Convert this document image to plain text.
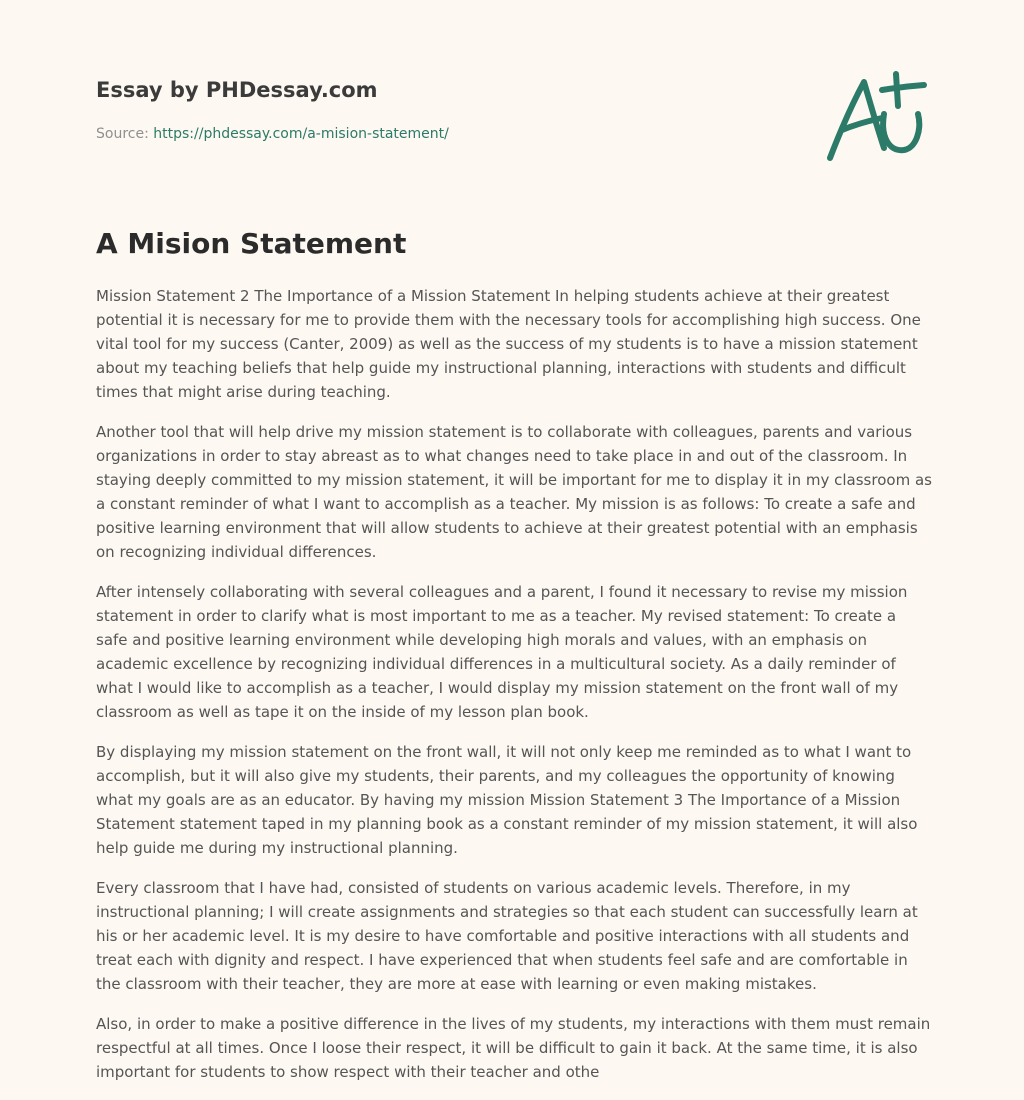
Essay by PHDessay.com
Source: https://phdessay.com/a-mision-statement/
A Mision Statement

Mission Statement 2 The Importance of a Mission Statement In helping students achieve at their greatest potential it is necessary for me to provide them with the necessary tools for accomplishing high success. One vital tool for my success (Canter, 2009) as well as the success of my students is to have a mission statement about my teaching beliefs that help guide my instructional planning, interactions with students and difficult times that might arise during teaching.

Another tool that will help drive my mission statement is to collaborate with colleagues, parents and various organizations in order to stay abreast as to what changes need to take place in and out of the classroom. In staying deeply committed to my mission statement, it will be important for me to display it in my classroom as a constant reminder of what I want to accomplish as a teacher. My mission is as follows: To create a safe and positive learning environment that will allow students to achieve at their greatest potential with an emphasis on recognizing individual differences.

After intensely collaborating with several colleagues and a parent, I found it necessary to revise my mission statement in order to clarify what is most important to me as a teacher. My revised statement: To create a safe and positive learning environment while developing high morals and values, with an emphasis on academic excellence by recognizing individual differences in a multicultural society. As a daily reminder of what I would like to accomplish as a teacher, I would display my mission statement on the front wall of my classroom as well as tape it on the inside of my lesson plan book.

By displaying my mission statement on the front wall, it will not only keep me reminded as to what I want to accomplish, but it will also give my students, their parents, and my colleagues the opportunity of knowing what my goals are as an educator. By having my mission Mission Statement 3 The Importance of a Mission Statement statement taped in my planning book as a constant reminder of my mission statement, it will also help guide me during my instructional planning.

Every classroom that I have had, consisted of students on various academic levels. Therefore, in my instructional planning; I will create assignments and strategies so that each student can successfully learn at his or her academic level. It is my desire to have comfortable and positive interactions with all students and treat each with dignity and respect. I have experienced that when students feel safe and are comfortable in the classroom with their teacher, they are more at ease with learning or even making mistakes.

Also, in order to make a positive difference in the lives of my students, my interactions with them must remain respectful at all times. Once I loose their respect, it will be difficult to gain it back. At the same time, it is also important for students to show respect with their teacher and othe
